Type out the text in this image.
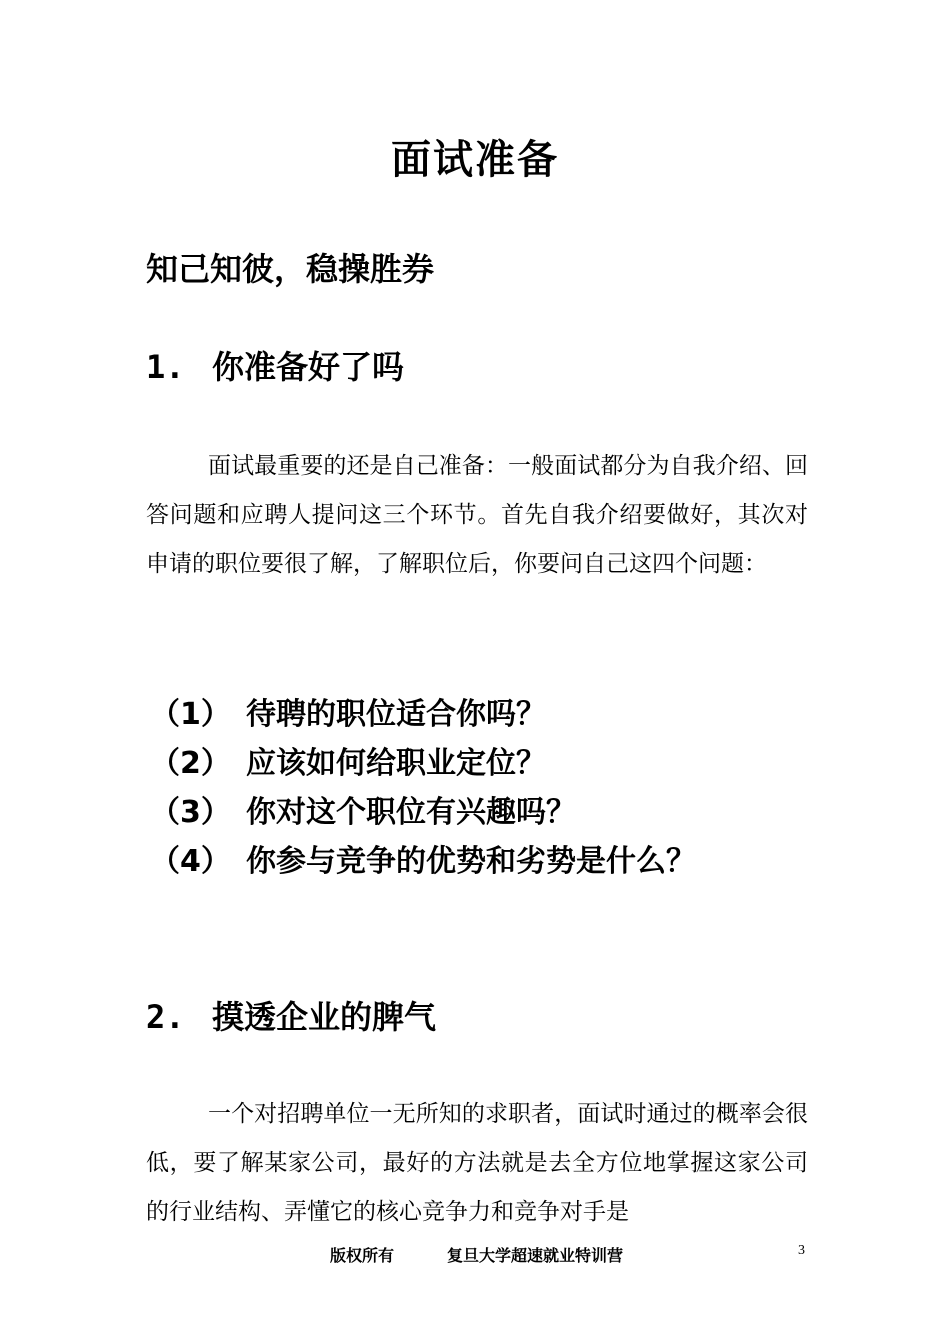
面试准备
知己知彼，稳操胜券
1. 你准备好了吗

面试最重要的还是自己准备：一般面试都分为自我介绍、回答问题和应聘人提问这三个环节。首先自我介绍要做好，其次对申请的职位要很了解，了解职位后，你要问自己这四个问题：

（1） 待聘的职位适合你吗？
（2） 应该如何给职业定位？
（3） 你对这个职位有兴趣吗？
（4） 你参与竞争的优势和劣势是什么？
2. 摸透企业的脾气

一个对招聘单位一无所知的求职者，面试时通过的概率会很低，要了解某家公司，最好的方法就是去全方位地掌握这家公司的行业结构、弄懂它的核心竞争力和竞争对手是

版权所有	复旦大学超速就业特训营	3
